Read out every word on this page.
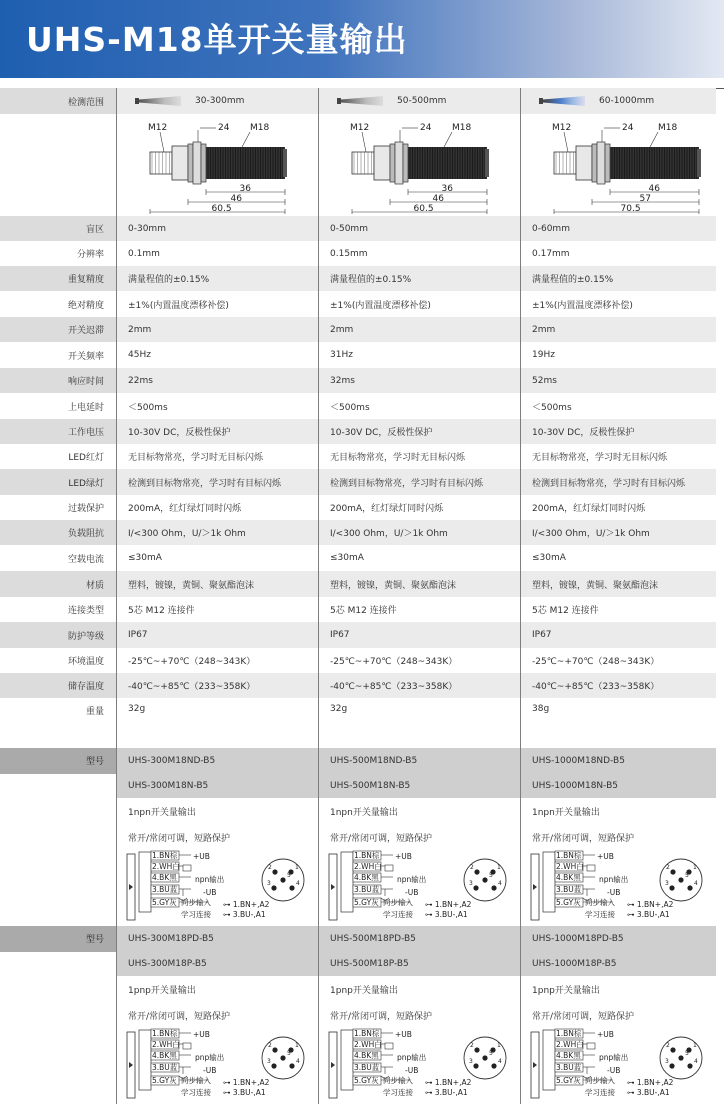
UHS-M18单开关量输出
检测范围	30-300mm	50-500mm	60-1000mm
M12	24 M18
36
46
60.5
M12	24 M18
36
46
60.5
M12	24	M18
46
57
70.5
盲区	0-30mm	0-50mm	0-60mm
分辨率	0.1mm	0.15mm	0.17mm
重复精度	满量程值的±0.15%	满量程值的±0.15%	满量程值的±0.15%
绝对精度	±1%(内置温度漂移补偿)	±1%(内置温度漂移补偿)	±1%(内置温度漂移补偿)
开关迟滞	2mm	2mm	2mm
开关频率	45Hz	31Hz	19Hz
响应时间	22ms	32ms	52ms
上电延时	＜500ms	＜500ms	＜500ms
工作电压	10-30V DC，反极性保护	10-30V DC，反极性保护	10-30V DC，反极性保护
LED红灯	无目标物常亮，学习时无目标闪烁	无目标物常亮，学习时无目标闪烁	无目标物常亮，学习时无目标闪烁
LED绿灯	检测到目标物常亮，学习时有目标闪烁	检测到目标物常亮，学习时有目标闪烁	检测到目标物常亮，学习时有目标闪烁
过载保护	200mA，红灯绿灯同时闪烁	200mA，红灯绿灯同时闪烁	200mA，红灯绿灯同时闪烁
负载阻抗	I/<300 Ohm，U/＞1k Ohm	I/<300 Ohm，U/＞1k Ohm	I/<300 Ohm，U/＞1k Ohm
空载电流	≤30mA	≤30mA	≤30mA
材质	塑料，镀镍，黄铜、聚氨酯泡沫	塑料，镀镍，黄铜、聚氨酯泡沫	塑料，镀镍，黄铜、聚氨酯泡沫
连接类型	5芯 M12 连接件	5芯 M12 连接件	5芯 M12 连接件
防护等级	IP67	IP67	IP67
环境温度	-25℃~+70℃（248~343K）	-25℃~+70℃（248~343K）	-25℃~+70℃（248~343K）
储存温度	-40℃~+85℃（233~358K）	-40℃~+85℃（233~358K）	-40℃~+85℃（233~358K）
重量	32g	32g	38g
型号	UHS-300M18ND-B5	UHS-500M18ND-B5	UHS-1000M18ND-B5
UHS-300M18N-B5	UHS-500M18N-B5	UHS-1000M18N-B5
1npn开关量输出	1npn开关量输出	1npn开关量输出
常开/常闭可调，短路保护	常开/常闭可调，短路保护	常开/常闭可调，短路保护
1.BN棕
2.WH白
4.BK黑
3.BU蓝
5.GY灰
+UB
npn输出
-UB
同步输入 ⊶ 1.BN+,A2
学习连接 ⊶ 3.BU-,A1
2	1
3	4
5
1.BN棕
2.WH白
4.BK黑
3.BU蓝
5.GY灰
+UB
npn输出
-UB
同步输入 ⊶ 1.BN+,A2
学习连接 ⊶ 3.BU-,A1
2	1
3	4
5
1.BN棕
2.WH白
4.BK黑
3.BU蓝
5.GY灰
+UB
npn输出
-UB
同步输入 ⊶ 1.BN+,A2
学习连接 ⊶ 3.BU-,A1
2	1
3	4
5
型号	UHS-300M18PD-B5	UHS-500M18PD-B5	UHS-1000M18PD-B5
UHS-300M18P-B5	UHS-500M18P-B5	UHS-1000M18P-B5
1pnp开关量输出	1pnp开关量输出	1pnp开关量输出
常开/常闭可调，短路保护	常开/常闭可调，短路保护	常开/常闭可调，短路保护
1.BN棕
2.WH白
4.BK黑
3.BU蓝
5.GY灰
+UB
pnp输出
-UB
同步输入 ⊶ 1.BN+,A2
学习连接 ⊶ 3.BU-,A1
2	1
3	4
5
1.BN棕
2.WH白
4.BK黑
3.BU蓝
5.GY灰
+UB
pnp输出
-UB
同步输入 ⊶ 1.BN+,A2
学习连接 ⊶ 3.BU-,A1
2	1
3	4
5
1.BN棕
2.WH白
4.BK黑
3.BU蓝
5.GY灰
+UB
pnp输出
-UB
同步输入 ⊶ 1.BN+,A2
学习连接 ⊶ 3.BU-,A1
2	1
3	4
5
